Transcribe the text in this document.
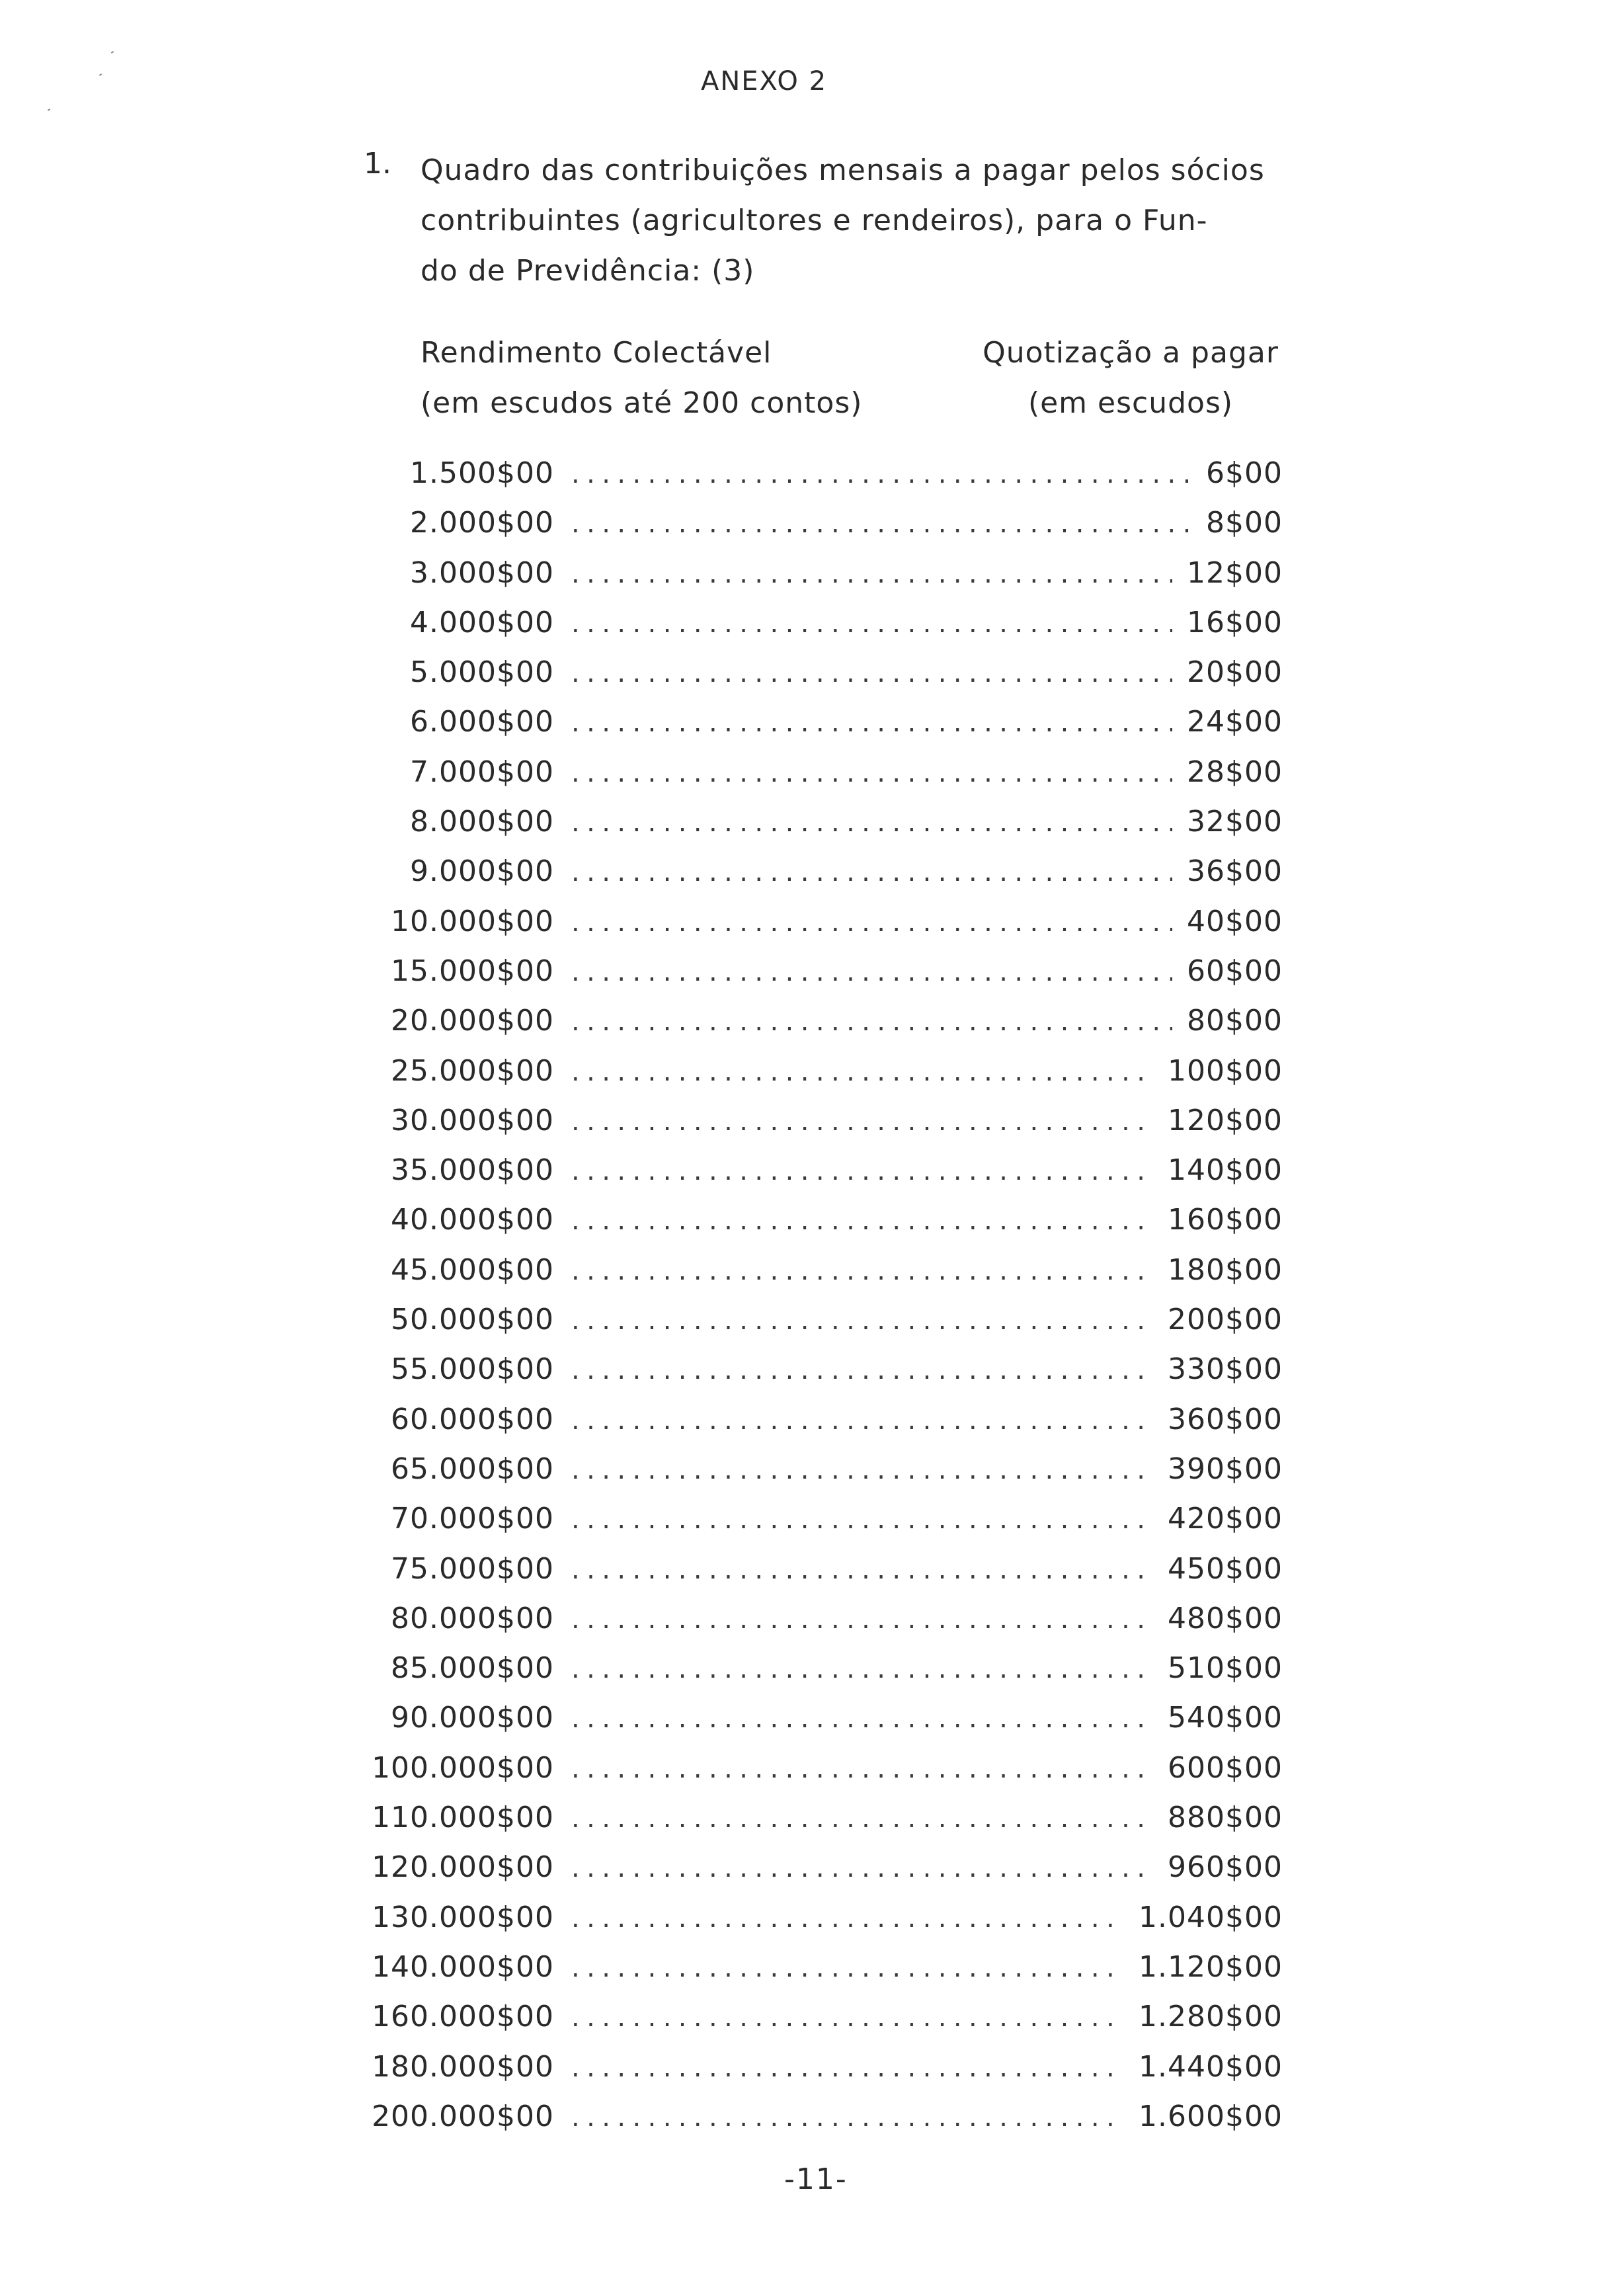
ANEXO 2
1. Quadro das contribuições mensais a pagar pelos sócios
contribuintes (agricultores e rendeiros), para o Fun-
do de Previdência: (3)
Rendimento Colectável
(em escudos até 200 contos)
Quotização a pagar
(em escudos)
1.500$00 .....	6$00
2.000$00 .....	8$00
3.000$00 .....	12$00
4.000$00 .....	16$00
5.000$00 .....	20$00
6.000$00 .....	24$00
7.000$00 .....	28$00
8.000$00 .....	32$00
9.000$00 .....	36$00
10.000$00 .....	40$00
15.000$00 .....	60$00
20.000$00 .....	80$00
25.000$00 .....	100$00
30.000$00 .....	120$00
35.000$00 .....	140$00
40.000$00 .....	160$00
45.000$00 .....	180$00
50.000$00 .....	200$00
55.000$00 .....	330$00
60.000$00 .....	360$00
65.000$00 .....	390$00
70.000$00 .....	420$00
75.000$00 .....	450$00
80.000$00 .....	480$00
85.000$00 .....	510$00
90.000$00 .....	540$00
100.000$00 .....	600$00
110.000$00 .....	880$00
120.000$00 .....	960$00
130.000$00 .....	1.040$00
140.000$00 .....	1.120$00
160.000$00 .....	1.280$00
180.000$00 .....	1.440$00
200.000$00 .....	1.600$00
-11-
